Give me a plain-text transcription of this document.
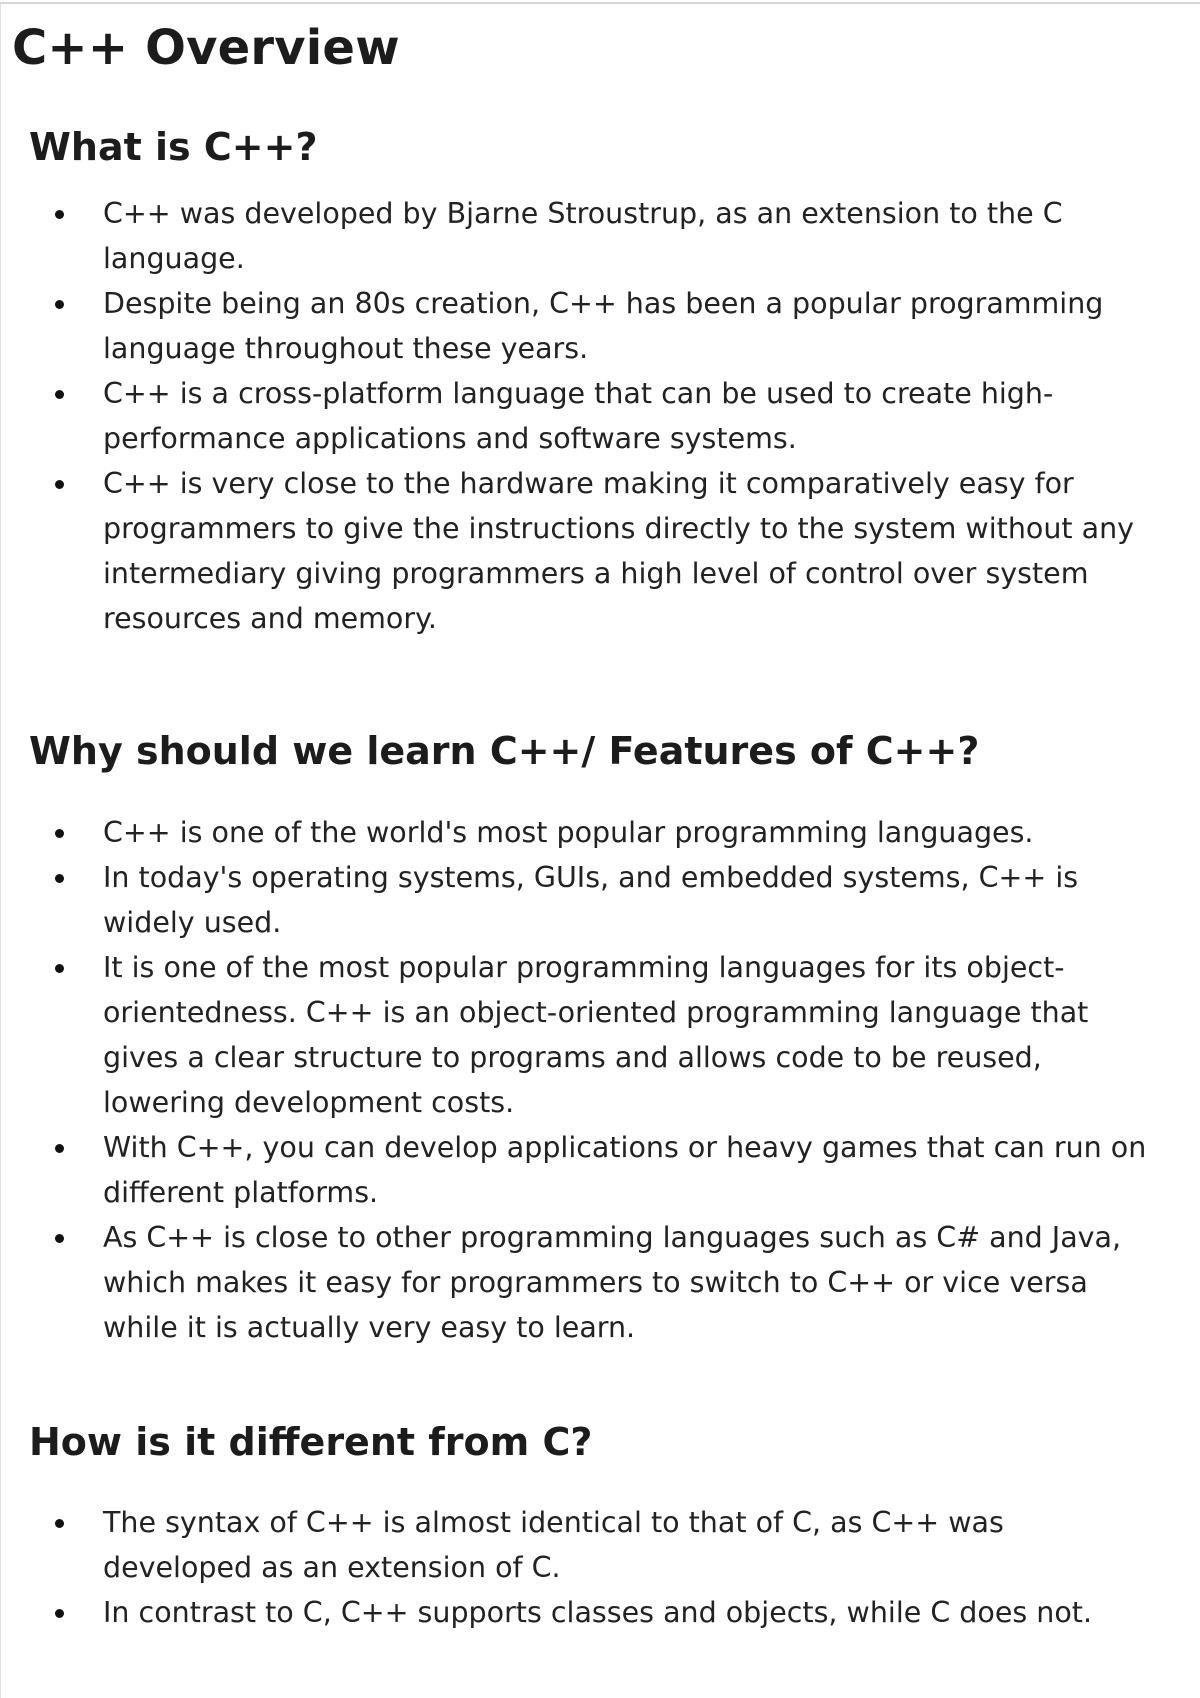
C++ Overview
What is C++?
C++ was developed by Bjarne Stroustrup, as an extension to the C language.
Despite being an 80s creation, C++ has been a popular programming language throughout these years.
C++ is a cross-platform language that can be used to create high-performance applications and software systems.
C++ is very close to the hardware making it comparatively easy for programmers to give the instructions directly to the system without any intermediary giving programmers a high level of control over system resources and memory.
Why should we learn C++/ Features of C++?
C++ is one of the world's most popular programming languages.
In today's operating systems, GUIs, and embedded systems, C++ is widely used.
It is one of the most popular programming languages for its object-orientedness. C++ is an object-oriented programming language that gives a clear structure to programs and allows code to be reused, lowering development costs.
With C++, you can develop applications or heavy games that can run on different platforms.
As C++ is close to other programming languages such as C# and Java, which makes it easy for programmers to switch to C++ or vice versa while it is actually very easy to learn.
How is it different from C?
The syntax of C++ is almost identical to that of C, as C++ was developed as an extension of C.
In contrast to C, C++ supports classes and objects, while C does not.
